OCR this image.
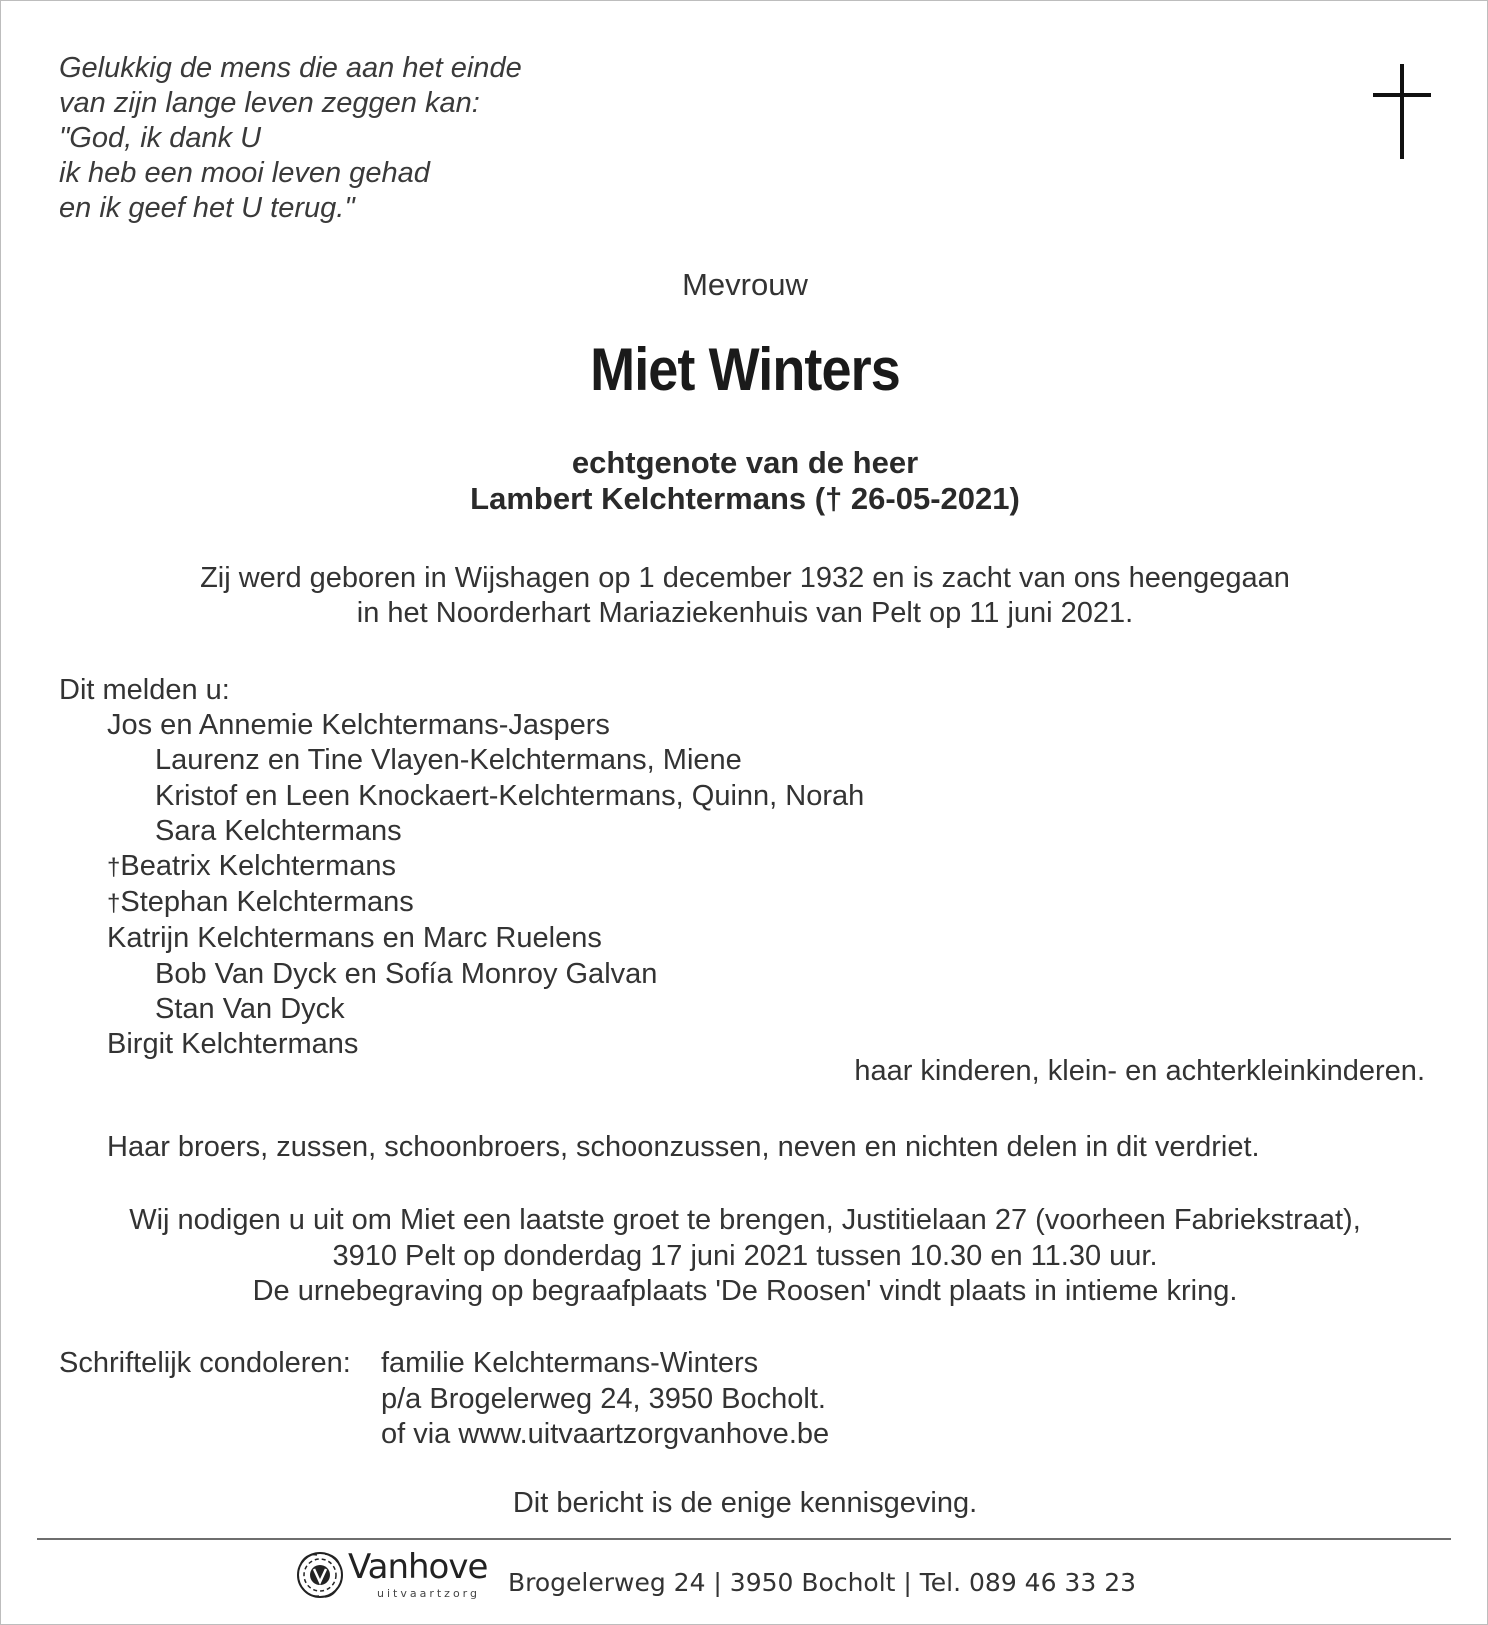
Gelukkig de mens die aan het einde
van zijn lange leven zeggen kan:
"God, ik dank U
ik heb een mooi leven gehad
en ik geef het U terug."
Mevrouw
Miet Winters
echtgenote van de heer
Lambert Kelchtermans († 26-05-2021)
Zij werd geboren in Wijshagen op 1 december 1932 en is zacht van ons heengegaan
in het Noorderhart Mariaziekenhuis van Pelt op 11 juni 2021.
Dit melden u:
Jos en Annemie Kelchtermans-Jaspers
Laurenz en Tine Vlayen-Kelchtermans, Miene
Kristof en Leen Knockaert-Kelchtermans, Quinn, Norah
Sara Kelchtermans
†Beatrix Kelchtermans
†Stephan Kelchtermans
Katrijn Kelchtermans en Marc Ruelens
Bob Van Dyck en Sofía Monroy Galvan
Stan Van Dyck
Birgit Kelchtermans
haar kinderen, klein- en achterkleinkinderen.
Haar broers, zussen, schoonbroers, schoonzussen, neven en nichten delen in dit verdriet.
Wij nodigen u uit om Miet een laatste groet te brengen, Justitielaan 27 (voorheen Fabriekstraat),
3910 Pelt op donderdag 17 juni 2021 tussen 10.30 en 11.30 uur.
De urnebegraving op begraafplaats 'De Roosen' vindt plaats in intieme kring.
Schriftelijk condoleren: familie Kelchtermans-Winters
p/a Brogelerweg 24, 3950 Bocholt.
of via www.uitvaartzorgvanhove.be
Dit bericht is de enige kennisgeving.
Vanhove
uitvaartzorg Brogelerweg 24 | 3950 Bocholt | Tel. 089 46 33 23
